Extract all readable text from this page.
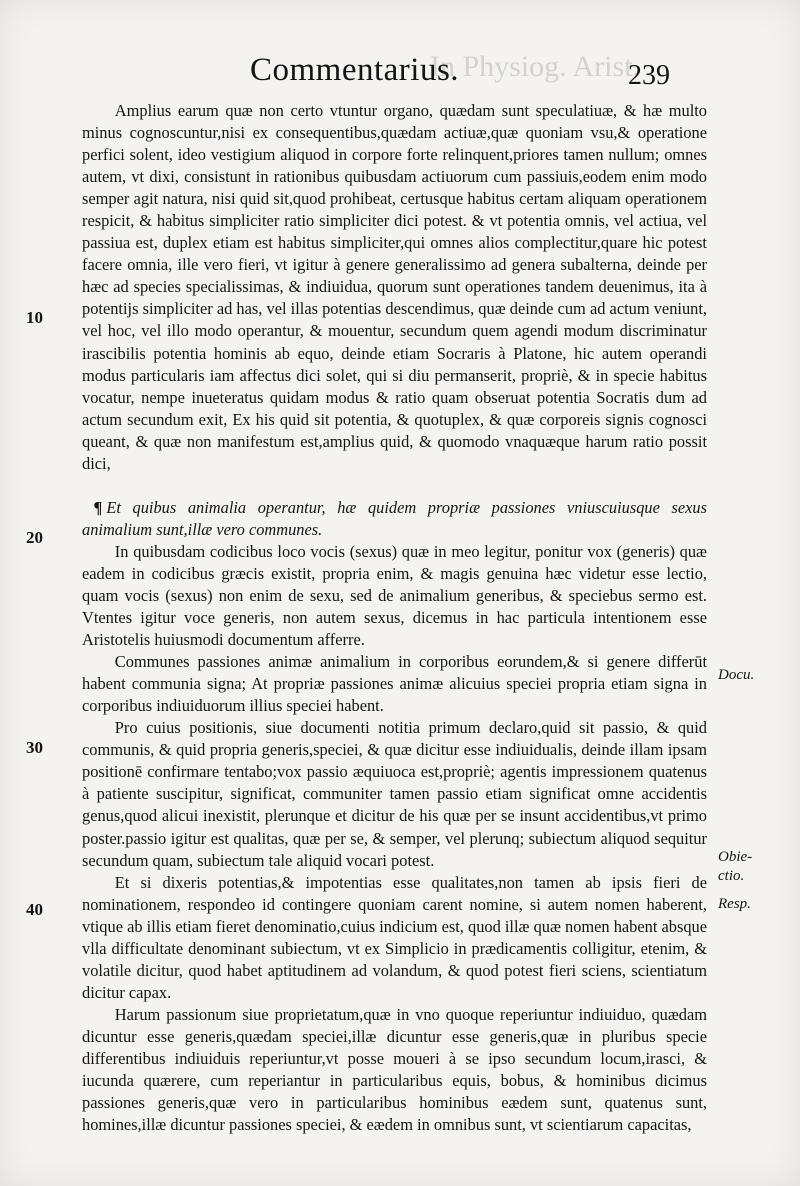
In Physiog. Arist.
Commentarius.	239
10
20
30
40
Docu.
Obie-
ctio.
Resp.

Amplius earum quæ non certo vtuntur organo, quædam sunt speculatiuæ, & hæ multo minus cognoscuntur,nisi ex consequentibus,quædam actiuæ,quæ quoniam vsu,& operatione perfici solent, ideo vestigium aliquod in corpore forte relinquent,priores tamen nullum; omnes autem, vt dixi, consistunt in rationibus quibusdam actiuorum cum passiuis,eodem enim modo semper agit natura, nisi quid sit,quod prohibeat, certusque habitus certam aliquam operationem respicit, & habitus simpliciter ratio simpliciter dici potest. & vt potentia omnis, vel actiua, vel passiua est, duplex etiam est habitus simpliciter,qui omnes alios complectitur,quare hic potest facere omnia, ille vero fieri, vt igitur à genere generalissimo ad genera subalterna, deinde per hæc ad species specialissimas, & indiuidua, quorum sunt operationes tandem deuenimus, ita à potentijs simpliciter ad has, vel illas potentias descendimus, quæ deinde cum ad actum veniunt, vel hoc, vel illo modo operantur, & mouentur, secundum quem agendi modum discriminatur irascibilis potentia hominis ab equo, deinde etiam Socraris à Platone, hic autem operandi modus particularis iam affectus dici solet, qui si diu permanserit, propriè, & in specie habitus vocatur, nempe inueteratus quidam modus & ratio quam obseruat potentia Socratis dum ad actum secundum exit, Ex his quid sit potentia, & quotuplex, & quæ corporeis signis cognosci queant, & quæ non manifestum est,amplius quid, & quomodo vnaquæque harum ratio possit dici,

¶ Et quibus animalia operantur, hæ quidem propriæ passiones vniuscuiusque sexus animalium sunt,illæ vero communes.

In quibusdam codicibus loco vocis (sexus) quæ in meo legitur, ponitur vox (generis) quæ eadem in codicibus græcis existit, propria enim, & magis genuina hæc videtur esse lectio, quam vocis (sexus) non enim de sexu, sed de animalium generibus, & speciebus sermo est. Vtentes igitur voce generis, non autem sexus, dicemus in hac particula intentionem esse Aristotelis huiusmodi documentum afferre.

Communes passiones animæ animalium in corporibus eorundem,& si genere differūt habent communia signa; At propriæ passiones animæ alicuius speciei propria etiam signa in corporibus indiuiduorum illius speciei habent.

Pro cuius positionis, siue documenti notitia primum declaro,quid sit passio, & quid communis, & quid propria generis,speciei, & quæ dicitur esse indiuidualis, deinde illam ipsam positionē confirmare tentabo;vox passio æquiuoca est,propriè; agentis impressionem quatenus à patiente suscipitur, significat, communiter tamen passio etiam significat omne accidentis genus,quod alicui inexistit, plerunque et dicitur de his quæ per se insunt accidentibus,vt primo poster.passio igitur est qualitas, quæ per se, & semper, vel plerunq; subiectum aliquod sequitur secundum quam, subiectum tale aliquid vocari potest.

Et si dixeris potentias,& impotentias esse qualitates,non tamen ab ipsis fieri de nominationem, respondeo id contingere quoniam carent nomine, si autem nomen haberent, vtique ab illis etiam fieret denominatio,cuius indicium est, quod illæ quæ nomen habent absque vlla difficultate denominant subiectum, vt ex Simplicio in prædicamentis colligitur, etenim, & volatile dicitur, quod habet aptitudinem ad volandum, & quod potest fieri sciens, scientiatum dicitur capax.

Harum passionum siue proprietatum,quæ in vno quoque reperiuntur indiuiduo, quædam dicuntur esse generis,quædam speciei,illæ dicuntur esse generis,quæ in pluribus specie differentibus indiuiduis reperiuntur,vt posse moueri à se ipso secundum locum,irasci, & iucunda quærere, cum reperiantur in particularibus equis, bobus, & hominibus dicimus passiones generis,quæ vero in particularibus hominibus eædem sunt, quatenus sunt, homines,illæ dicuntur passiones speciei, & eædem in omnibus sunt, vt scientiarum capacitas,
